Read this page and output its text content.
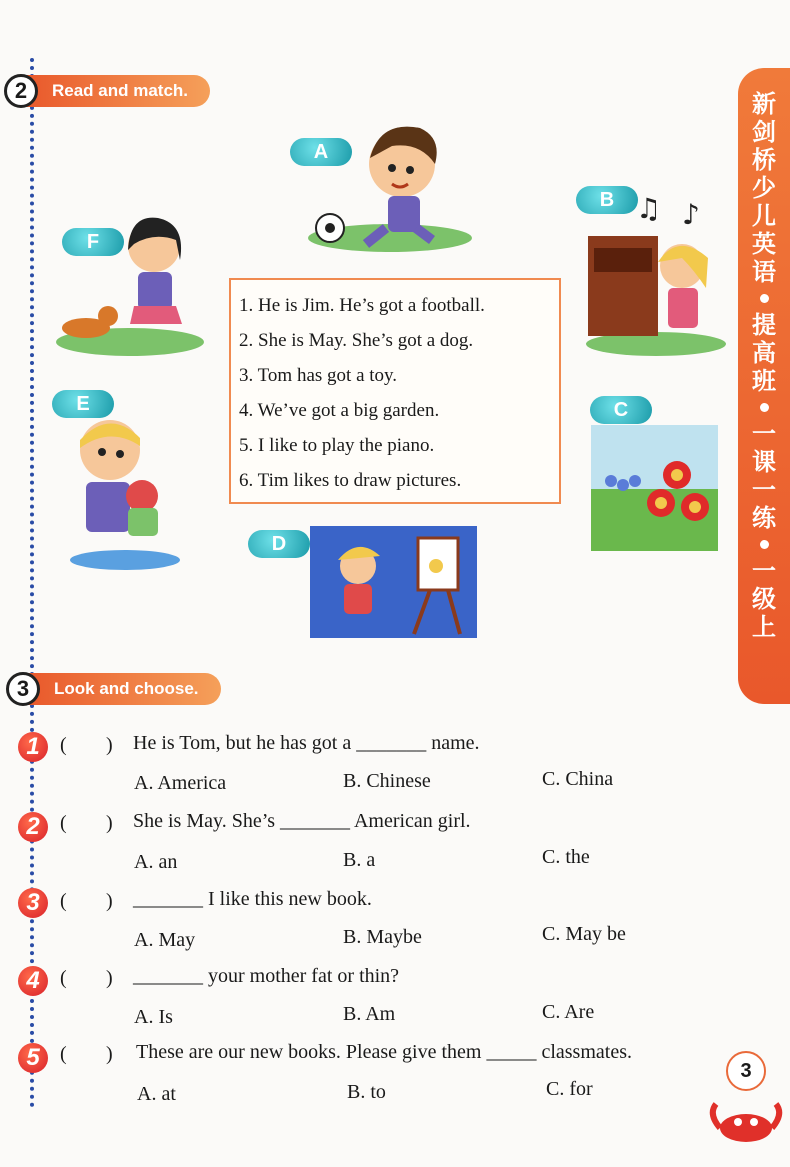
新
剑
桥
少
儿
英
语
提
高
班
一
课
一
练
一
级
上
2	Read and match.
A
B ♫ ♪
F
1. He is Jim. He’s got a football.
2. She is May. She’s got a dog.
3. Tom has got a toy.
4. We’ve got a big garden.
5. I like to play the piano.
6. Tim likes to draw pictures.
E	C
D
3	Look and choose.
1	( ) He is Tom, but he has got a _______ name.
A. America	B. Chinese	C. China
2	( ) She is May. She’s _______ American girl.
A. an	B. a	C. the
3	( ) _______ I like this new book.
A. May	B. Maybe	C. May be
4	( ) _______ your mother fat or thin?
A. Is	B. Am	C. Are
5	( ) These are our new books. Please give them _____ classmates.
A. at	B. to	C. for
3
